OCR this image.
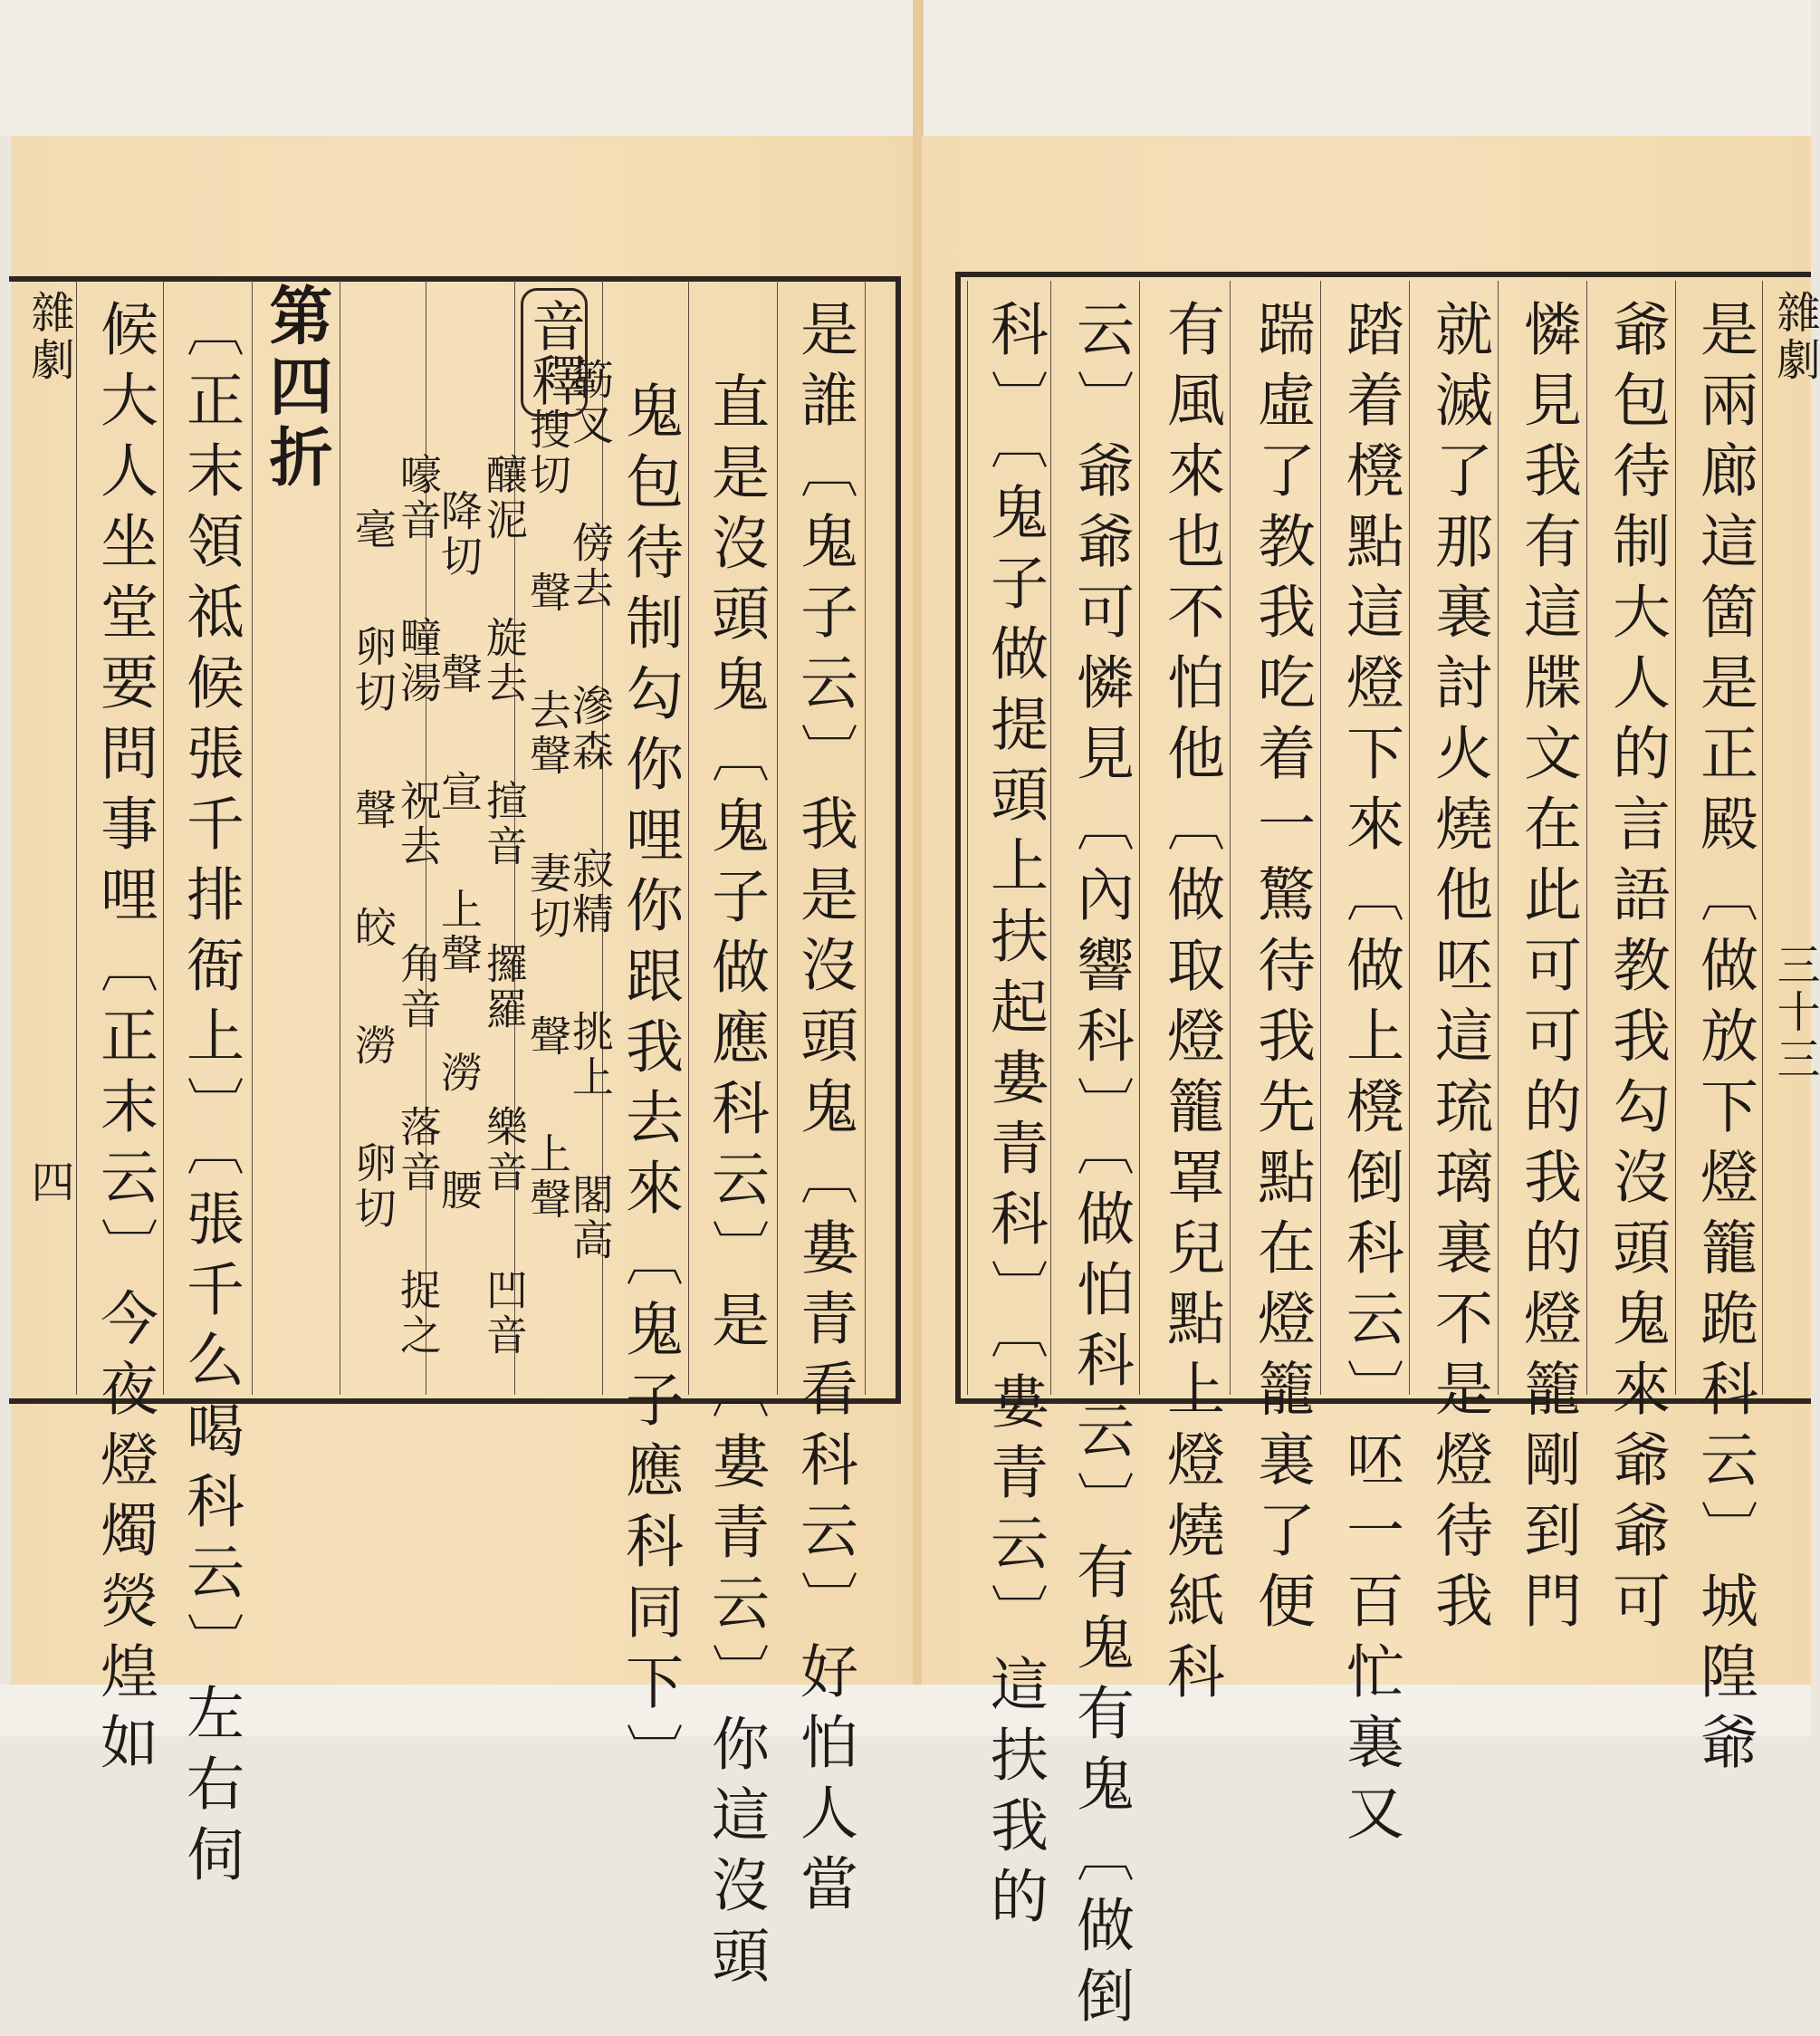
雜劇
四 候大人坐堂要問事哩〔正末云〕今夜燈燭熒煌如 〔正末領祗候張千排衙上〕〔張千么喝科云〕左右伺 第四折
毫
卵切
聲
皎
澇
卵切
嚎音
疃湯
祝去
角音
落音
捉之
降切
聲
宣
上聲
澇
腰
釀泥
旋去
揎音
攞羅
樂音
凹音
搜切
聲
去聲
妻切
聲
上聲
簕叉
傍去
滲森
寂精
挑上
閣高
音釋
鬼包待制勾你哩你跟我去來〔鬼子應科同下〕 直是沒頭鬼〔鬼子做應科云〕是〔婁青云〕你這沒頭 是誰〔鬼子云〕我是沒頭鬼〔婁青看科云〕好怕人當	是兩廊這箇是正殿〔做放下燈籠跪科云〕城隍爺
爺包待制大人的言語教我勾沒頭鬼來爺爺可
憐見我有這牒文在此可可的我的燈籠剛到門
就滅了那裏討火燒他呸這琉璃裏不是燈待我
踏着櫈點這燈下來〔做上櫈倒科云〕呸一百忙裏又
踹虛了教我吃着一驚待我先點在燈籠裏了便
有風來也不怕他〔做取燈籠罩兒點上燈燒紙科
云〕爺爺可憐見〔內響科〕〔做怕科云〕有鬼有鬼〔做倒
科〕〔鬼子做提頭上扶起婁青科〕〔婁青云〕這扶我的	雜劇
三十三
